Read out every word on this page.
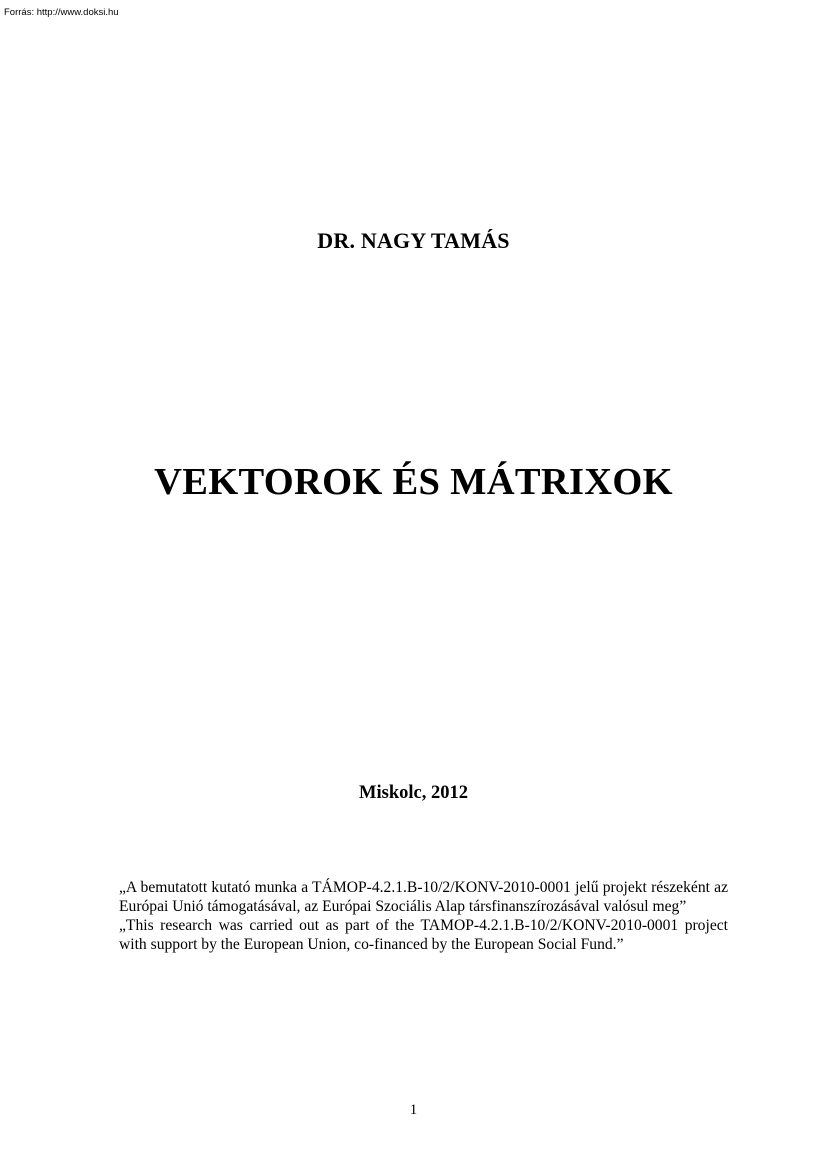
Forrás: http://www.doksi.hu
DR. NAGY TAMÁS
VEKTOROK ÉS MÁTRIXOK
Miskolc, 2012

„A bemutatott kutató munka a TÁMOP-4.2.1.B-10/2/KONV-2010-0001 jelű projekt részeként az Európai Unió támogatásával, az Európai Szociális Alap társfinanszírozásával valósul meg”

„This research was carried out as part of the TAMOP-4.2.1.B-10/2/KONV-2010-0001 project with support by the European Union, co-financed by the European Social Fund.”

1
